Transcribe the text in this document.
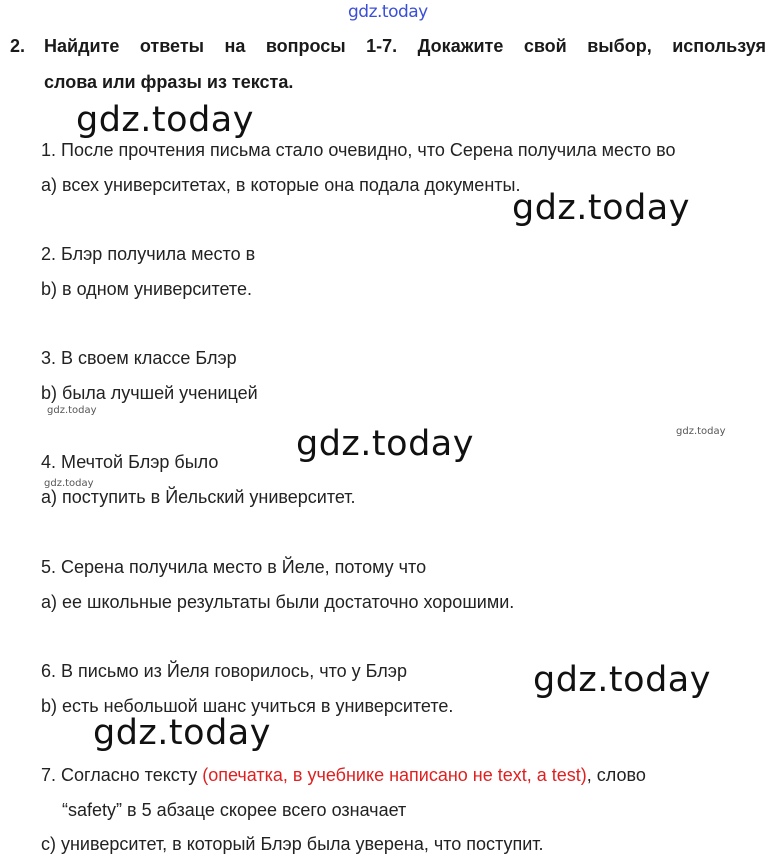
gdz.today
2. Найдите ответы на вопросы 1-7. Докажите свой выбор, используя
слова или фразы из текста.
gdz.today
gdz.today
gdz.today
gdz.today
gdz.today
gdz.today
gdz.today
gdz.today
1. После прочтения письма стало очевидно, что Серена получила место во
a) всех университетах, в которые она подала документы.
2. Блэр получила место в
b) в одном университете.
3. В своем классе Блэр
b) была лучшей ученицей
4. Мечтой Блэр было
a) поступить в Йельский университет.
5. Серена получила место в Йеле, потому что
a) ее школьные результаты были достаточно хорошими.
6. В письмо из Йеля говорилось, что у Блэр
b) есть небольшой шанс учиться в университете.
7. Согласно тексту (опечатка, в учебнике написано не text, а test), слово
“safety” в 5 абзаце скорее всего означает
c) университет, в который Блэр была уверена, что поступит.
